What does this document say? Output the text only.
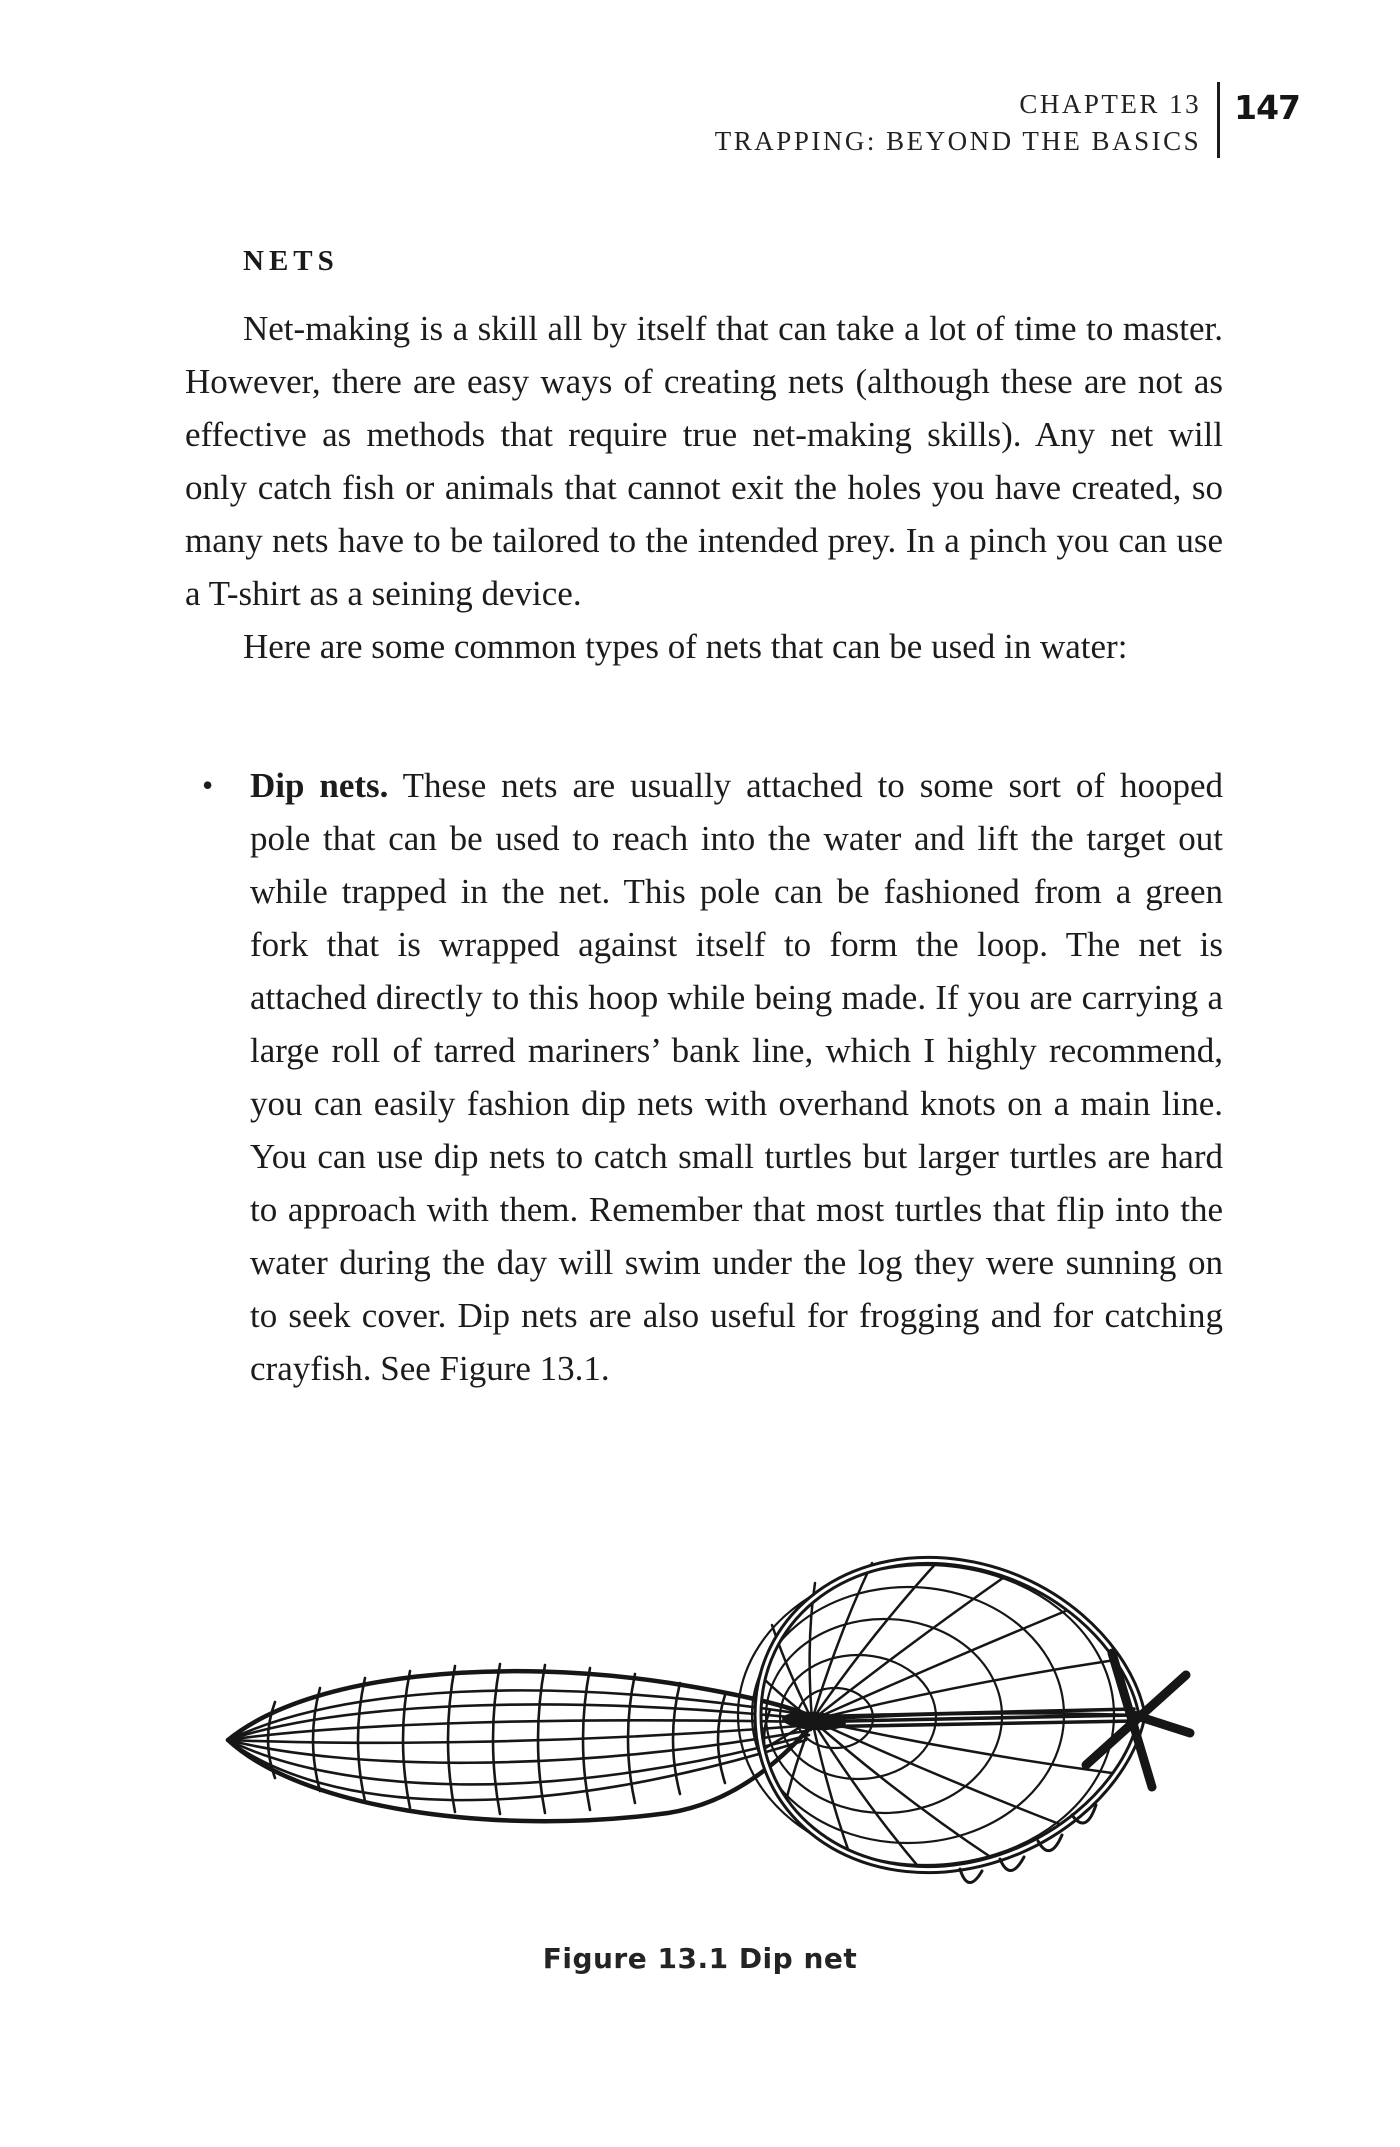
CHAPTER 13
TRAPPING: BEYOND THE BASICS
147
NETS

Net-making is a skill all by itself that can take a lot of time to master. However, there are easy ways of creating nets (although these are not as effective as methods that require true net-making skills). Any net will only catch fish or animals that cannot exit the holes you have created, so many nets have to be tailored to the intended prey. In a pinch you can use a T-shirt as a seining device.

Here are some common types of nets that can be used in water:

• Dip nets. These nets are usually attached to some sort of hooped pole that can be used to reach into the water and lift the target out while trapped in the net. This pole can be fashioned from a green fork that is wrapped against itself to form the loop. The net is attached directly to this hoop while being made. If you are carrying a large roll of tarred mariners’ bank line, which I highly recommend, you can easily fashion dip nets with overhand knots on a main line. You can use dip nets to catch small turtles but larger turtles are hard to approach with them. Remember that most turtles that flip into the water during the day will swim under the log they were sunning on to seek cover. Dip nets are also useful for frogging and for catching crayfish. See Figure 13.1.
Figure 13.1 Dip net
